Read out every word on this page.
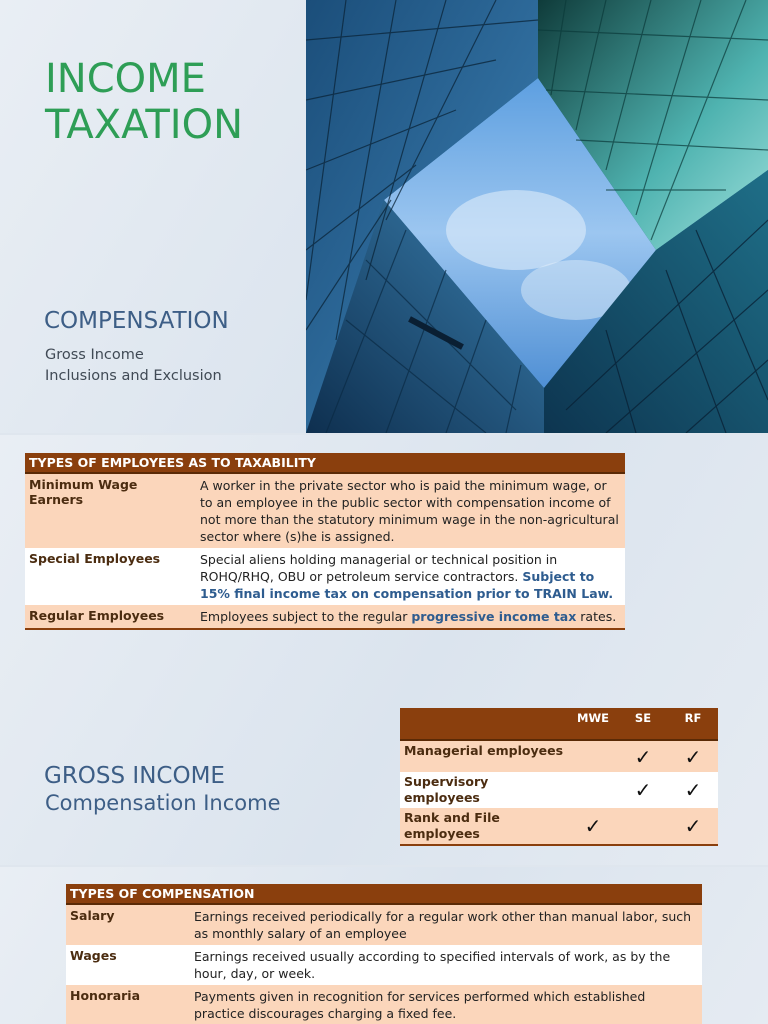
INCOME
TAXATION
COMPENSATION
Gross Income
Inclusions and Exclusion
TYPES OF EMPLOYEES AS TO TAXABILITY	
Minimum Wage
Earners	A worker in the private sector who is paid the minimum wage, or to an employee in the public sector with compensation income of not more than the statutory minimum wage in the non-agricultural sector where (s)he is assigned.
Special Employees	Special aliens holding managerial or technical position in ROHQ/RHQ, OBU or petroleum service contractors. Subject to 15% final income tax on compensation prior to TRAIN Law.
Regular Employees	Employees subject to the regular progressive income tax rates.
GROSS INCOME
Compensation Income
	MWE	SE	RF
Managerial employees		✓	✓
Supervisory employees		✓	✓
Rank and File employees	✓		✓
TYPES OF COMPENSATION	
Salary	Earnings received periodically for a regular work other than manual labor, such as monthly salary of an employee
Wages	Earnings received usually according to specified intervals of work, as by the hour, day, or week.
Honoraria	Payments given in recognition for services performed which established practice discourages charging a fixed fee.
